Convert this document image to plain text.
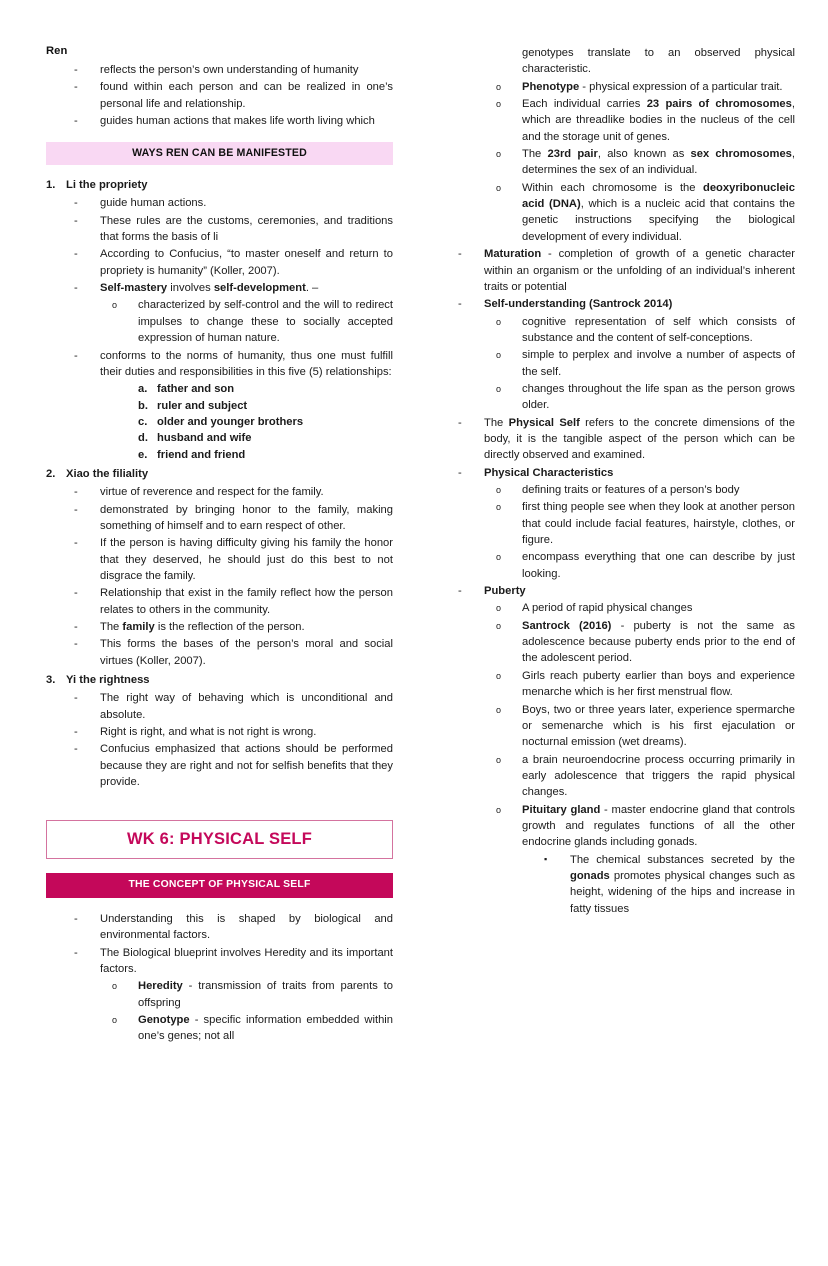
Ren
-	reflects the person’s own understanding of humanity
-	found within each person and can be realized in one’s personal life and relationship.
-	guides human actions that makes life worth living which
WAYS REN CAN BE MANIFESTED
1. Li the propriety
-	guide human actions.
-	These rules are the customs, ceremonies, and traditions that forms the basis of li
-	According to Confucius, “to master oneself and return to propriety is humanity” (Koller, 2007).
-	Self-mastery involves self-development. –
o	characterized by self-control and the will to redirect impulses to change these to socially accepted expression of human nature.
-	conforms to the norms of humanity, thus one must fulfill their duties and responsibilities in this five (5) relationships:
a. father and son
b. ruler and subject
c. older and younger brothers
d. husband and wife
e. friend and friend
2. Xiao the filiality
-	virtue of reverence and respect for the family.
-	demonstrated by bringing honor to the family, making something of himself and to earn respect of other.
-	If the person is having difficulty giving his family the honor that they deserved, he should just do this best to not disgrace the family.
-	Relationship that exist in the family reflect how the person relates to others in the community.
-	The family is the reflection of the person.
-	This forms the bases of the person’s moral and social virtues (Koller, 2007).
3. Yi the rightness
-	The right way of behaving which is unconditional and absolute.
-	Right is right, and what is not right is wrong.
-	Confucius emphasized that actions should be performed because they are right and not for selfish benefits that they provide.
WK 6: PHYSICAL SELF
THE CONCEPT OF PHYSICAL SELF
-	Understanding this is shaped by biological and environmental factors.
-	The Biological blueprint involves Heredity and its important factors.
o	Heredity - transmission of traits from parents to offspring
o	Genotype - specific information embedded within one’s genes; not all
genotypes translate to an observed physical characteristic.
o	Phenotype - physical expression of a particular trait.
o	Each individual carries 23 pairs of chromosomes, which are threadlike bodies in the nucleus of the cell and the storage unit of genes.
o	The 23rd pair, also known as sex chromosomes, determines the sex of an individual.
o	Within each chromosome is the deoxyribonucleic acid (DNA), which is a nucleic acid that contains the genetic instructions specifying the biological development of every individual.
-	Maturation - completion of growth of a genetic character within an organism or the unfolding of an individual’s inherent traits or potential
-	Self-understanding (Santrock 2014)
o	cognitive representation of self which consists of substance and the content of self-conceptions.
o	simple to perplex and involve a number of aspects of the self.
o	changes throughout the life span as the person grows older.
-	The Physical Self refers to the concrete dimensions of the body, it is the tangible aspect of the person which can be directly observed and examined.
-	Physical Characteristics
o	defining traits or features of a person’s body
o	first thing people see when they look at another person that could include facial features, hairstyle, clothes, or figure.
o	encompass everything that one can describe by just looking.
-	Puberty
o	A period of rapid physical changes
o	Santrock (2016) - puberty is not the same as adolescence because puberty ends prior to the end of the adolescent period.
o	Girls reach puberty earlier than boys and experience menarche which is her first menstrual flow.
o	Boys, two or three years later, experience spermarche or semenarche which is his first ejaculation or nocturnal emission (wet dreams).
o	a brain neuroendocrine process occurring primarily in early adolescence that triggers the rapid physical changes.
o	Pituitary gland - master endocrine gland that controls growth and regulates functions of all the other endocrine glands including gonads.
▪	The chemical substances secreted by the gonads promotes physical changes such as height, widening of the hips and increase in fatty tissues
